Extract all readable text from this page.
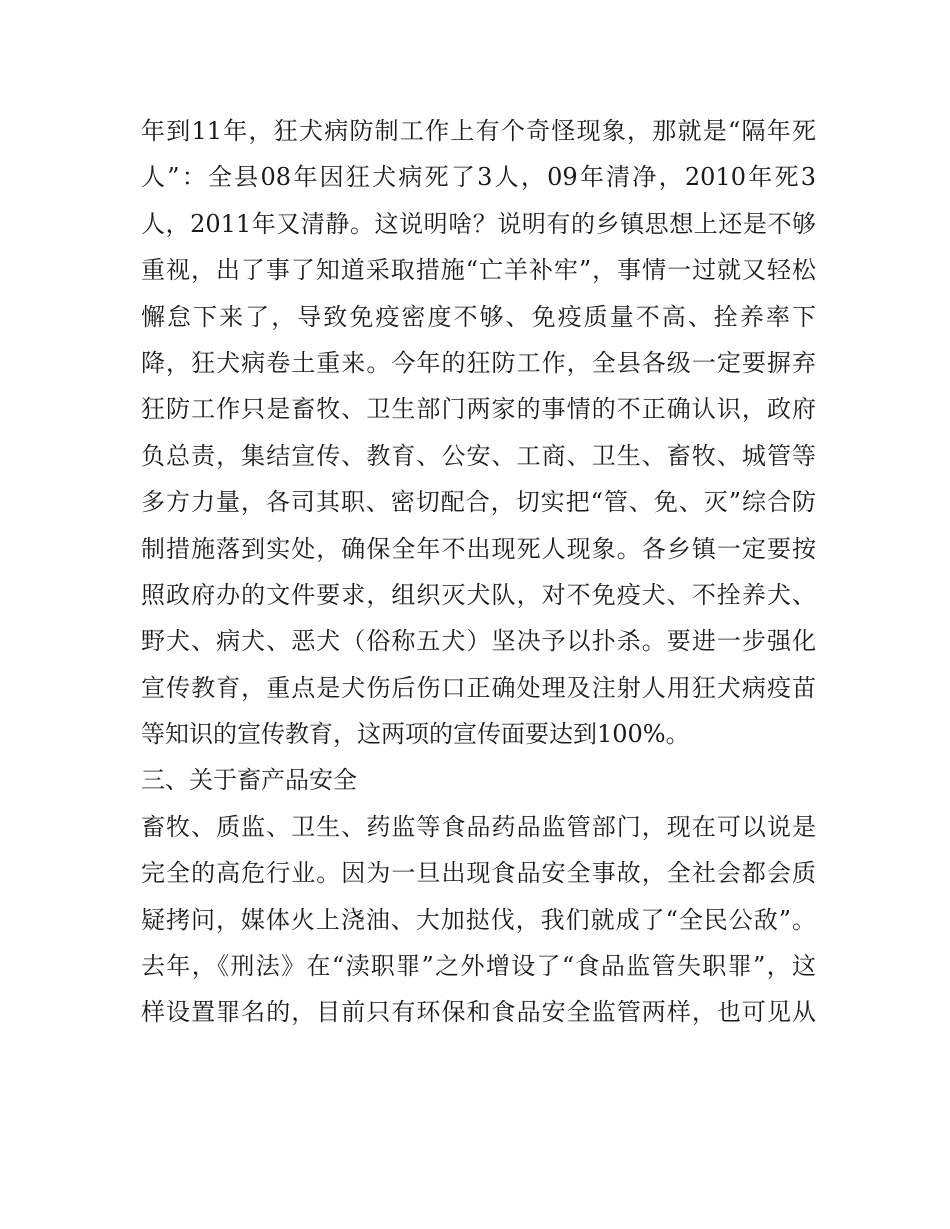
年到11年，狂犬病防制工作上有个奇怪现象，那就是“隔年死
人”：全县08年因狂犬病死了3人，09年清净，2010年死3
人，2011年又清静。这说明啥？说明有的乡镇思想上还是不够
重视，出了事了知道采取措施“亡羊补牢”，事情一过就又轻松
懈怠下来了，导致免疫密度不够、免疫质量不高、拴养率下
降，狂犬病卷土重来。今年的狂防工作，全县各级一定要摒弃
狂防工作只是畜牧、卫生部门两家的事情的不正确认识，政府
负总责，集结宣传、教育、公安、工商、卫生、畜牧、城管等
多方力量，各司其职、密切配合，切实把“管、免、灭”综合防
制措施落到实处，确保全年不出现死人现象。各乡镇一定要按
照政府办的文件要求，组织灭犬队，对不免疫犬、不拴养犬、
野犬、病犬、恶犬（俗称五犬）坚决予以扑杀。要进一步强化
宣传教育，重点是犬伤后伤口正确处理及注射人用狂犬病疫苗
等知识的宣传教育，这两项的宣传面要达到100%。
三、关于畜产品安全
畜牧、质监、卫生、药监等食品药品监管部门，现在可以说是
完全的高危行业。因为一旦出现食品安全事故，全社会都会质
疑拷问，媒体火上浇油、大加挞伐，我们就成了“全民公敌”。
去年，《刑法》在“渎职罪”之外增设了“食品监管失职罪”，这
样设置罪名的，目前只有环保和食品安全监管两样，也可见从
